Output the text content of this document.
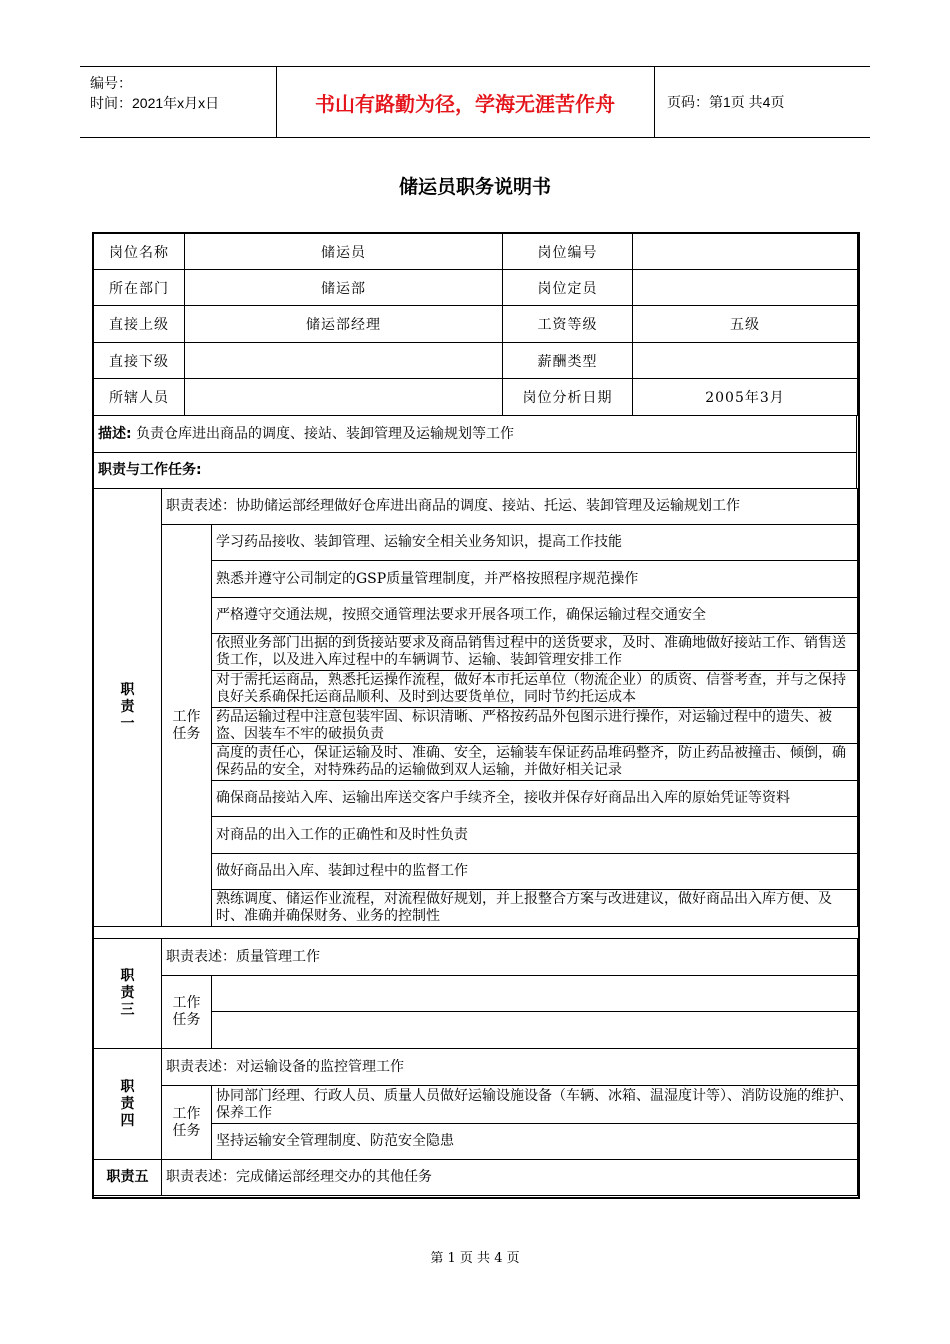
编号：
时间：2021年x月x日	书山有路勤为径，学海无涯苦作舟	页码：第1页 共4页
储运员职务说明书
岗位名称	储运员	岗位编号	
所在部门	储运部	岗位定员	
直接上级	储运部经理	工资等级	五级
直接下级		薪酬类型	
所辖人员		岗位分析日期	2005年3月
描述: 负责仓库进出商品的调度、接站、装卸管理及运输规划等工作
职责与工作任务:
职责一	职责表述：协助储运部经理做好仓库进出商品的调度、接站、托运、装卸管理及运输规划工作	
	工作任务	学习药品接收、装卸管理、运输安全相关业务知识，提高工作技能
		熟悉并遵守公司制定的GSP质量管理制度，并严格按照程序规范操作
		严格遵守交通法规，按照交通管理法要求开展各项工作，确保运输过程交通安全
		依照业务部门出据的到货接站要求及商品销售过程中的送货要求，及时、准确地做好接站工作、销售送货工作，以及进入库过程中的车辆调节、运输、装卸管理安排工作
		对于需托运商品，熟悉托运操作流程，做好本市托运单位（物流企业）的质资、信誉考查，并与之保持良好关系确保托运商品顺利、及时到达要货单位，同时节约托运成本
		药品运输过程中注意包装牢固、标识清晰、严格按药品外包图示进行操作，对运输过程中的遗失、被盗、因装车不牢的破损负责
		高度的责任心，保证运输及时、准确、安全，运输装车保证药品堆码整齐，防止药品被撞击、倾倒，确保药品的安全，对特殊药品的运输做到双人运输，并做好相关记录
		确保商品接站入库、运输出库送交客户手续齐全，接收并保存好商品出入库的原始凭证等资料
		对商品的出入工作的正确性和及时性负责
		做好商品出入库、装卸过程中的监督工作
		熟练调度、储运作业流程，对流程做好规划，并上报整合方案与改进建议，做好商品出入库方便、及时、准确并确保财务、业务的控制性
职责三	职责表述：质量管理工作	
	工作任务	

职责四	职责表述：对运输设备的监控管理工作	
	工作任务	协同部门经理、行政人员、质量人员做好运输设施设备（车辆、冰箱、温湿度计等）、消防设施的维护、保养工作
		坚持运输安全管理制度、防范安全隐患
职责五	职责表述：完成储运部经理交办的其他任务
第 1 页 共 4 页
